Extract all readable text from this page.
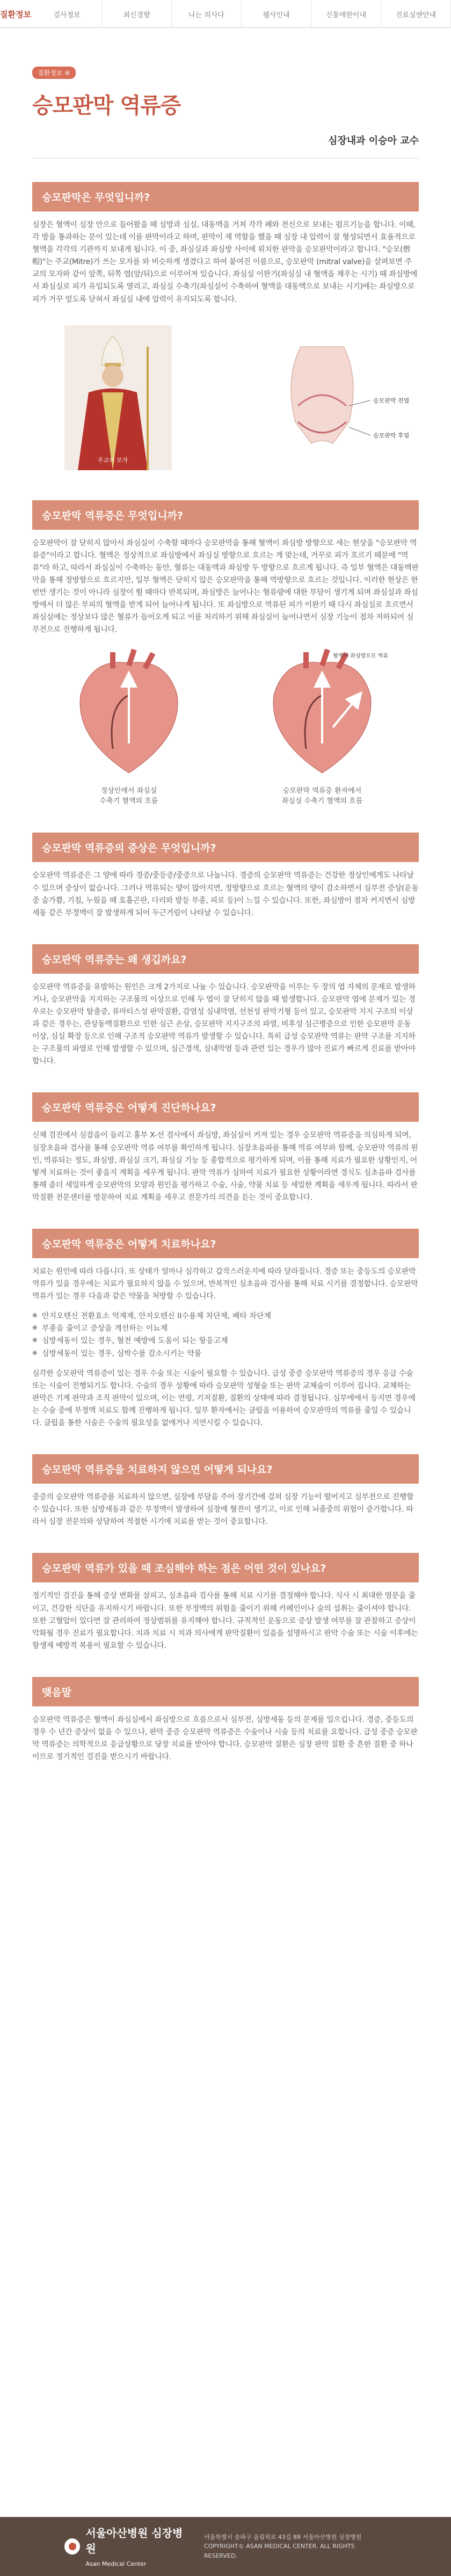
질환정보	검사정보	최신경향	나는 의사다	웰사인내	신통애한이내	진료실엔안내
질환정보 ④
승모판막 역류증
심장내과 이승아 교수
승모판막은 무엇입니까?

심장은 혈액이 심장 안으로 들어왔을 때 심방과 심실, 대동맥을 거쳐 각각 폐와 전신으로 보내는 펌프기능을 합니다. 이때, 각 방을 통과하는 문이 있는데 이를 판막이라고 하며, 판막이 제 역할을 했을 때 심장 내 압력이 잘 형성되면서 효율적으로 혈액을 각각의 기관까지 보내게 됩니다. 이 중, 좌심실과 좌심방 사이에 위치한 판막을 승모판막이라고 합니다. "승모(僧帽)"는 주교(Mitre)가 쓰는 모자를 와 비슷하게 생겼다고 하여 붙여진 이름으로, 승모판막 (mitral valve)을 살펴보면 주교의 모자와 같이 앞쪽, 뒤쪽 엽(앞/뒤)으로 이루어져 있습니다. 좌심실 이완기(좌심실 내 혈액을 채우는 시기) 때 좌심방에서 좌심실로 피가 유입되도록 열리고, 좌심실 수축기(좌심실이 수축하여 혈액을 대동맥으로 보내는 시기)에는 좌심방으로 피가 거꾸 엎도록 닫혀서 좌심실 내에 압력이 유지되도록 합니다.

주교의 모자
승모판막 전엽
승모판막 후엽
승모판막 역류증은 무엇입니까?

승모판막이 잘 닫히지 않아서 좌심실이 수축할 때마다 승모판막을 통해 혈액이 좌심방 방향으로 새는 현상을 "승모판막 역류증"이라고 합니다. 혈액은 정상적으로 좌심방에서 좌심실 방향으로 흐르는 게 맞는데, 거꾸로 피가 흐르기 때문에 "역류"라 하고, 따라서 좌심실이 수축하는 동안, 혈류는 대동맥과 좌심방 두 방향으로 흐르게 됩니다. 즉 일부 혈액은 대동맥판막을 통해 정방향으로 흐르지만, 일부 혈액은 닫히지 않은 승모판막을 통해 역방향으로 흐르는 것입니다. 이러한 현상은 한 번만 생기는 것이 아니라 심장이 뛸 때마다 반복되며, 좌심방은 늘어나는 혈류량에 대한 부담이 생기게 되며 좌심실과 좌심방에서 더 많은 부피의 혈액을 받게 되어 늘어나게 됩니다. 또 좌심방으로 역류된 피가 이완기 때 다시 좌심실로 흐르면서 좌심실에는 정상보다 많은 혈류가 들어오게 되고 이를 처리하기 위해 좌심실이 늘어나면서 심장 기능이 점차 저하되어 심부전으로 진행하게 됩니다.

정상인에서 좌심실
수축기 혈액의 흐름
혈액이 좌심방으로 역류
승모판막 역류증 환자에서
좌심실 수축기 혈액의 흐름
승모판막 역류증의 증상은 무엇입니까?

승모판막 역류증은 그 양에 따라 경증/중등증/중증으로 나눕니다. 경증의 승모판막 역류증는 건강한 정상인에게도 나타날 수 있으며 증상이 없습니다. 그러나 역류되는 양이 많아지면, 정방향으로 흐르는 혈액의 양이 감소하면서 심부전 증상(운동 중 숨가쁨, 기침, 누웠을 때 호흡곤란, 다리와 발등 부종, 피로 등)이 느낄 수 있습니다. 또한, 좌심방이 점차 커지면서 심방세동 같은 부정맥이 잘 발생하게 되어 두근거림이 나타날 수 있습니다.

승모판막 역류증는 왜 생깁까요?

승모판막 역류증을 유발하는 원인은 크게 2가지로 나눌 수 있습니다. 승모판막을 이루는 두 장의 엽 자체의 문제로 발생하거나, 승모판막을 지지하는 구조물의 이상으로 인해 두 엽이 잘 닫히지 않을 때 발생합니다. 승모판막 엽에 문제가 있는 경우로는 승모판막 탈출증, 류마티스성 판막질환, 감염성 심내막염, 선천성 판막기형 등이 있고, 승모판막 지지 구조의 이상과 같은 경우는, 관상동맥질환으로 인한 심근 손상, 승모판막 지지구조의 파열, 비후성 심근병증으로 인한 승모판막 운동 이상, 심실 확장 등으로 인해 구조적 승모판막 역류가 발생할 수 있습니다. 특히 급성 승모판막 역류는 판막 구조를 지지하는 구조물의 파열로 인해 발생할 수 있으며, 심근경색, 심내막염 등과 관련 있는 경우가 많아 진료가 빠르게 진료를 받아야 합니다.

승모판막 역류증은 어떻게 진단하나요?

신체 검진에서 심잡음이 들리고 흉부 X-선 검사에서 좌심방, 좌심실이 커져 있는 경우 승모판막 역류증을 의심하게 되며, 심장초음파 검사를 통해 승모판막 역류 여부를 확인하게 됩니다. 심장초음파를 통해 역류 여부와 함께, 승모판막 역류의 원인, 역류되는 정도, 좌심방, 좌심실 크기, 좌심실 기능 등 종합적으로 평가하게 되며, 이를 통해 치료가 필요한 상황인지, 어떻게 치료하는 것이 좋을지 계획을 세우게 됩니다. 판막 역류가 심하여 치료가 필요한 상황이라면 경식도 심초음파 검사를 통해 좀더 세밀하게 승모판막의 모양과 원인을 평가하고 수술, 시술, 약물 치료 등 세밀한 계획을 세우게 됩니다. 따라서 판막질환 전문센터를 방문하여 치료 계획을 세우고 전문가의 의견을 듣는 것이 중요합니다.

승모판막 역류증은 어떻게 치료하나요?

치료는 원인에 따라 다릅니다. 또 상태가 얼마나 심각하고 갑작스러운지에 따라 달라집니다. 경증 또는 중등도의 승모판막 역류가 있을 경우에는 치료가 필요하지 않을 수 있으며, 반복적인 심초음파 검사를 통해 치료 시기를 결정합니다. 승모판막 역류가 있는 경우 다음과 같은 약물을 처방할 수 있습니다.

◉ 안지오텐신 전환효소 억제제, 안지오텐신 II수용체 차단제, 베타 차단제
◉ 부종을 줄이고 증상을 개선하는 이뇨제
◉ 심방세동이 있는 경우, 혈전 예방에 도움이 되는 항응고제
◉ 심방세동이 있는 경우, 심박수를 감소시키는 약물

심각한 승모판막 역류증이 있는 경우 수술 또는 시술이 필요할 수 있습니다. 급성 중증 승모판막 역류증의 경우 응급 수술 또는 시술이 진행되기도 합니다. 수술의 경우 상황에 따라 승모판막 성형술 또는 판막 교체술이 이루어 집니다. 교체하는 판막은 기계 판막과 조직 판막이 있으며, 이는 연령, 기저질환, 질환의 상태에 따라 결정됩니다. 심부에에서 등지면 경우에는 수술 중에 부정맥 치료도 함께 진행하게 됩니다. 일부 환자에서는 클립을 이용하여 승모판막의 역류를 줄일 수 있습니다. 클립을 통한 시술은 수술의 필요성을 없애거나 지연시킬 수 있습니다.

승모판막 역류증을 치료하지 않으면 어떻게 되나요?

중증의 승모판막 역류증를 치료하지 않으면, 심장에 부담을 주어 장기간에 걸쳐 심장 기능이 떨어지고 심부전으로 진행할 수 있습니다. 또한 심방세동과 같은 부정맥이 발생하여 심장에 혈전이 생기고, 이로 인해 뇌졸중의 위험이 증가합니다. 따라서 심장 전문의와 상담하여 적절한 시기에 치료를 받는 것이 중요합니다.

승모판막 역류가 있을 때 조심해야 하는 점은 어떤 것이 있나요?

정기적인 검진을 통해 증상 변화를 살피고, 심초음파 검사를 통해 치료 시기를 결정해야 합니다. 식사 시 최대한 염분을 줄이고, 건강한 식단을 유지하시기 바랍니다. 또한 부정맥의 위험을 줄이기 위해 카페인이나 술의 섭취는 줄이셔야 합니다. 또한 고혈압이 있다면 잘 관리하여 정상범위를 유지해야 합니다. 규칙적인 운동으로 증상 발생 여부를 잘 관찰하고 증상이 악화될 경우 진료가 필요합니다. 치과 치료 시 치과 의사에게 판막질환이 있음을 설명하시고 판막 수술 또는 시술 이후에는 항생제 예방적 복용이 필요할 수 있습니다.

맺음말

승모판막 역류증은 혈액이 좌심실에서 좌심방으로 흐름으로서 심부전, 심방세동 등의 문제를 일으킵니다. 경증, 중등도의 경우 수 년간 증상이 없을 수 있으나, 판막 중증 승모판막 역류증은 수술이나 시술 등의 치료를 요합니다. 급성 중증 승모판막 역류증는 의학적으로 응급상황으로 당장 치료를 받아야 합니다. 승모판막 질환은 심장 판막 질환 중 흔한 질환 중 하나이므로 정기적인 검진을 받으시기 바랍니다.

서울아산병원 심장병원
Asan Medical Center
서울특별시 송파구 올림픽로 43길 88 서울아산병원 심장병원
COPYRIGHT© ASAN MEDICAL CENTER. ALL RIGHTS RESERVED.
